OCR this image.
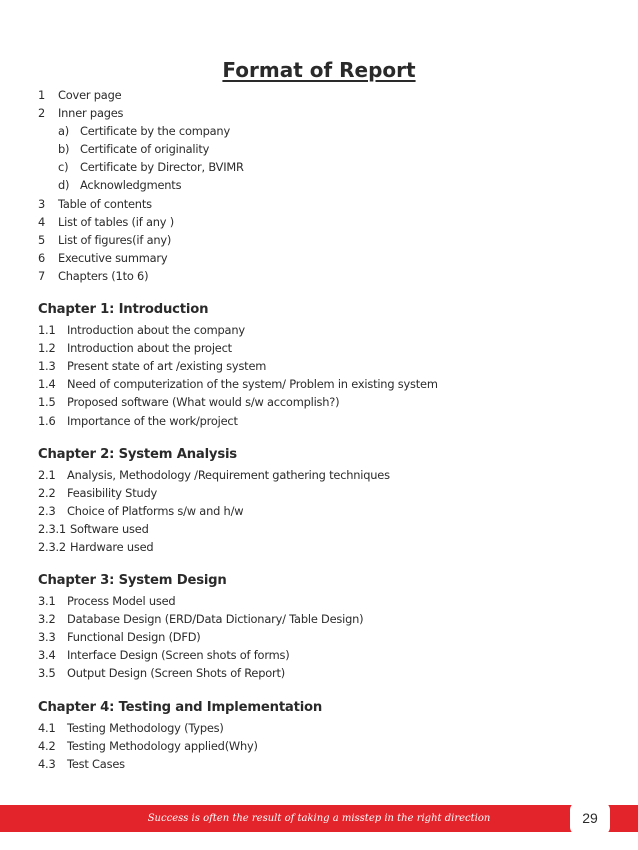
Format of Report
1 Cover page
2 Inner pages
a) Certificate by the company
b) Certificate of originality
c) Certificate by Director, BVIMR
d) Acknowledgments
3 Table of contents
4 List of tables (if any )
5 List of figures(if any)
6 Executive summary
7 Chapters (1to 6)
Chapter 1: Introduction
1.1 Introduction about the company
1.2 Introduction about the project
1.3 Present state of art /existing system
1.4 Need of computerization of the system/ Problem in existing system
1.5 Proposed software (What would s/w accomplish?)
1.6 Importance of the work/project
Chapter 2: System Analysis
2.1 Analysis, Methodology /Requirement gathering techniques
2.2 Feasibility Study
2.3 Choice of Platforms s/w and h/w
2.3.1 Software used
2.3.2 Hardware used
Chapter 3: System Design
3.1 Process Model used
3.2 Database Design (ERD/Data Dictionary/ Table Design)
3.3 Functional Design (DFD)
3.4 Interface Design (Screen shots of forms)
3.5 Output Design (Screen Shots of Report)
Chapter 4: Testing and Implementation
4.1 Testing Methodology (Types)
4.2 Testing Methodology applied(Why)
4.3 Test Cases
Success is often the result of taking a misstep in the right direction	29
